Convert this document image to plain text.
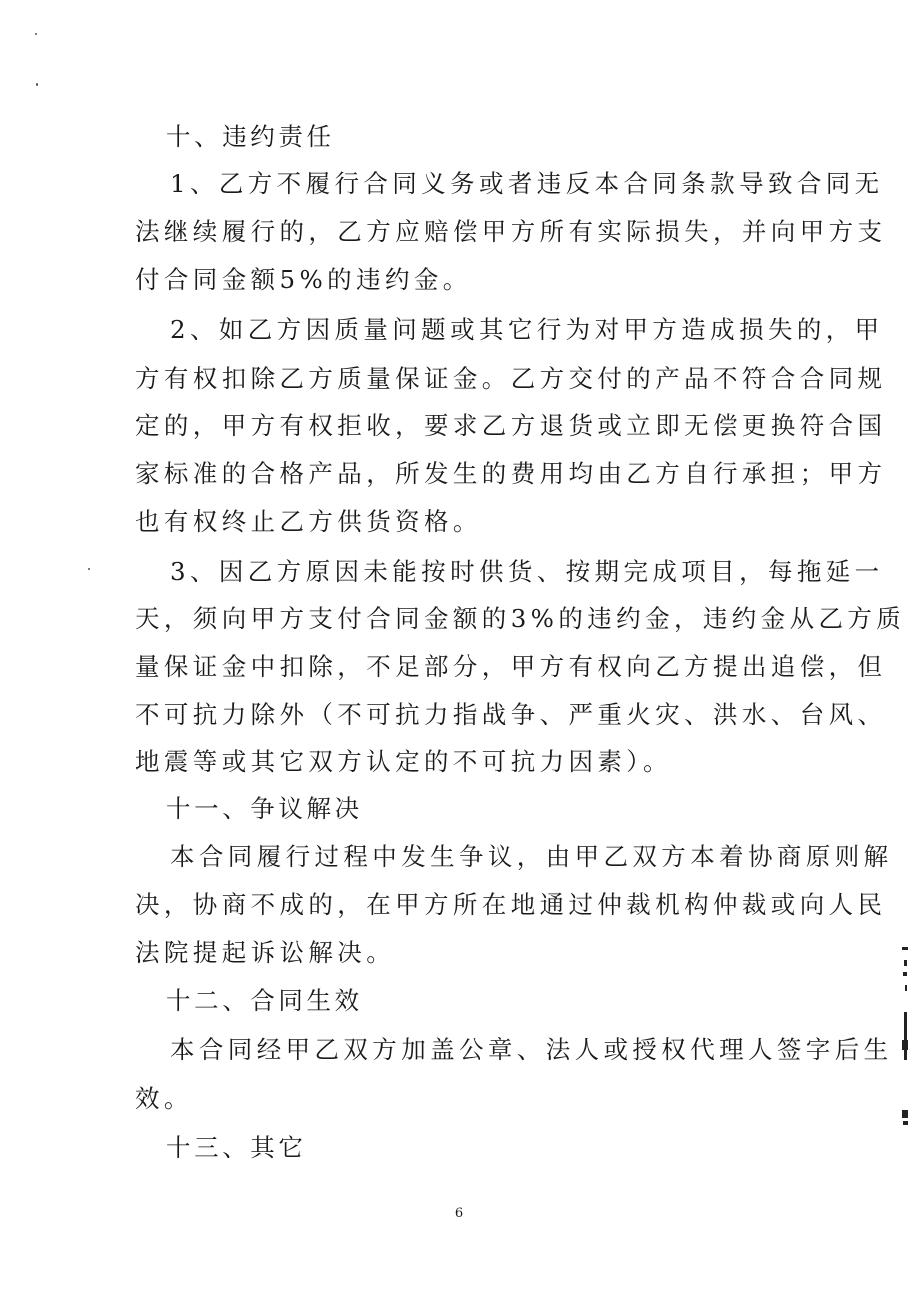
十、违约责任
1、乙方不履行合同义务或者违反本合同条款导致合同无
法继续履行的，乙方应赔偿甲方所有实际损失，并向甲方支
付合同金额5%的违约金。
2、如乙方因质量问题或其它行为对甲方造成损失的，甲
方有权扣除乙方质量保证金。乙方交付的产品不符合合同规
定的，甲方有权拒收，要求乙方退货或立即无偿更换符合国
家标准的合格产品，所发生的费用均由乙方自行承担；甲方
也有权终止乙方供货资格。
3、因乙方原因未能按时供货、按期完成项目，每拖延一
天，须向甲方支付合同金额的3%的违约金，违约金从乙方质
量保证金中扣除，不足部分，甲方有权向乙方提出追偿，但
不可抗力除外（不可抗力指战争、严重火灾、洪水、台风、
地震等或其它双方认定的不可抗力因素）。
十一、争议解决
本合同履行过程中发生争议，由甲乙双方本着协商原则解
决，协商不成的，在甲方所在地通过仲裁机构仲裁或向人民
法院提起诉讼解决。
十二、合同生效
本合同经甲乙双方加盖公章、法人或授权代理人签字后生
效。
十三、其它
6
